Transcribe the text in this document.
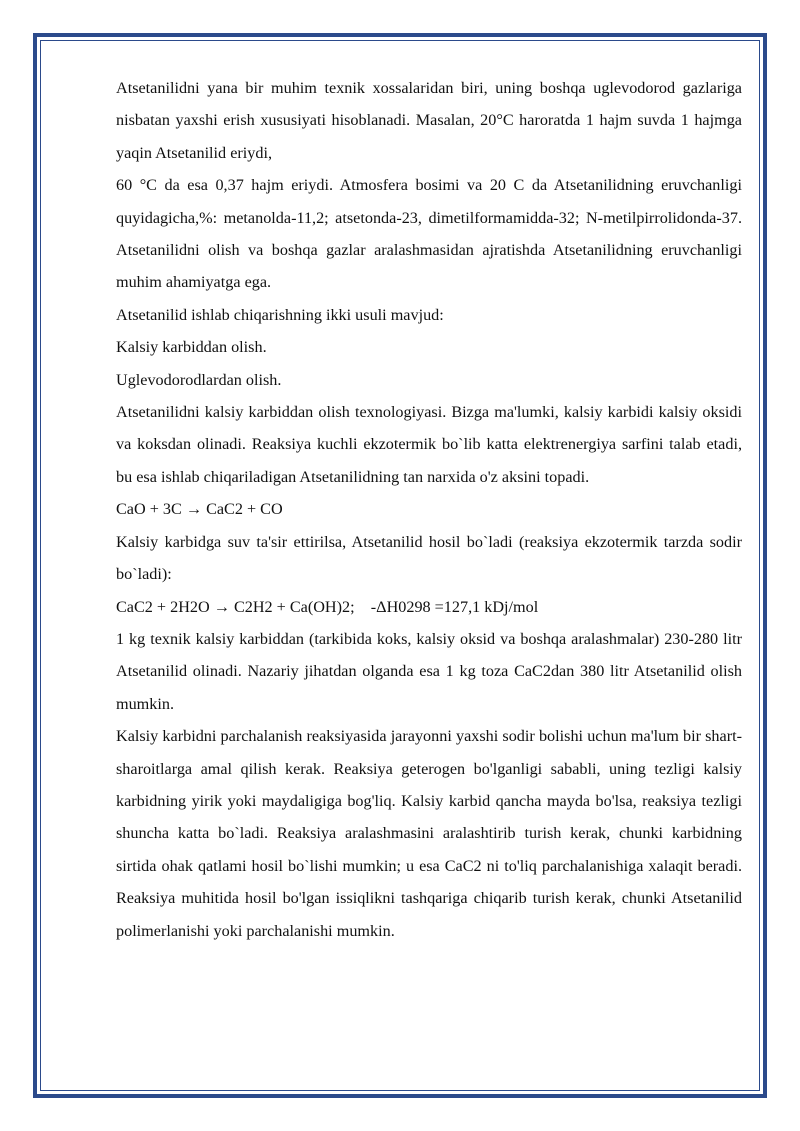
Atsetanilidni yana bir muhim texnik xossalaridan biri, uning boshqa uglevodorod gazlariga nisbatan yaxshi erish xususiyati hisoblanadi. Masalan, 20°C haroratda 1 hajm suvda 1 hajmga yaqin Atsetanilid eriydi,

60 °C da esa 0,37 hajm eriydi. Atmosfera bosimi va 20 C da Atsetanilidning eruvchanligi quyidagicha,%: metanolda-11,2; atsetonda-23, dimetilformamidda-32; N-metilpirrolidonda-37. Atsetanilidni olish va boshqa gazlar aralashmasidan ajratishda Atsetanilidning eruvchanligi muhim ahamiyatga ega.

Atsetanilid ishlab chiqarishning ikki usuli mavjud:

Kalsiy karbiddan olish.

Uglevodorodlardan olish.

Atsetanilidni kalsiy karbiddan olish texnologiyasi. Bizga ma'lumki, kalsiy karbidi kalsiy oksidi va koksdan olinadi. Reaksiya kuchli ekzotermik bo`lib katta elektrenergiya sarfini talab etadi, bu esa ishlab chiqariladigan Atsetanilidning tan narxida o'z aksini topadi.

CaO + 3C → CaC2 + CO

Kalsiy karbidga suv ta'sir ettirilsa, Atsetanilid hosil bo`ladi (reaksiya ekzotermik tarzda sodir bo`ladi):

CaC2 + 2H2O → C2H2 + Ca(OH)2;    -ΔH0298 =127,1 kDj/mol

1 kg texnik kalsiy karbiddan (tarkibida koks, kalsiy oksid va boshqa aralashmalar) 230-280 litr Atsetanilid olinadi. Nazariy jihatdan olganda esa 1 kg toza CaC2dan 380 litr Atsetanilid olish mumkin.

Kalsiy karbidni parchalanish reaksiyasida jarayonni yaxshi sodir bolishi uchun ma'lum bir shart-sharoitlarga amal qilish kerak. Reaksiya geterogen bo'lganligi sababli, uning tezligi kalsiy karbidning yirik yoki maydaligiga bog'liq. Kalsiy karbid qancha mayda bo'lsa, reaksiya tezligi shuncha katta bo`ladi. Reaksiya aralashmasini aralashtirib turish kerak, chunki karbidning sirtida ohak qatlami hosil bo`lishi mumkin; u esa CaC2 ni to'liq parchalanishiga xalaqit beradi. Reaksiya muhitida hosil bo'lgan issiqlikni tashqariga chiqarib turish kerak, chunki Atsetanilid polimerlanishi yoki parchalanishi mumkin.
